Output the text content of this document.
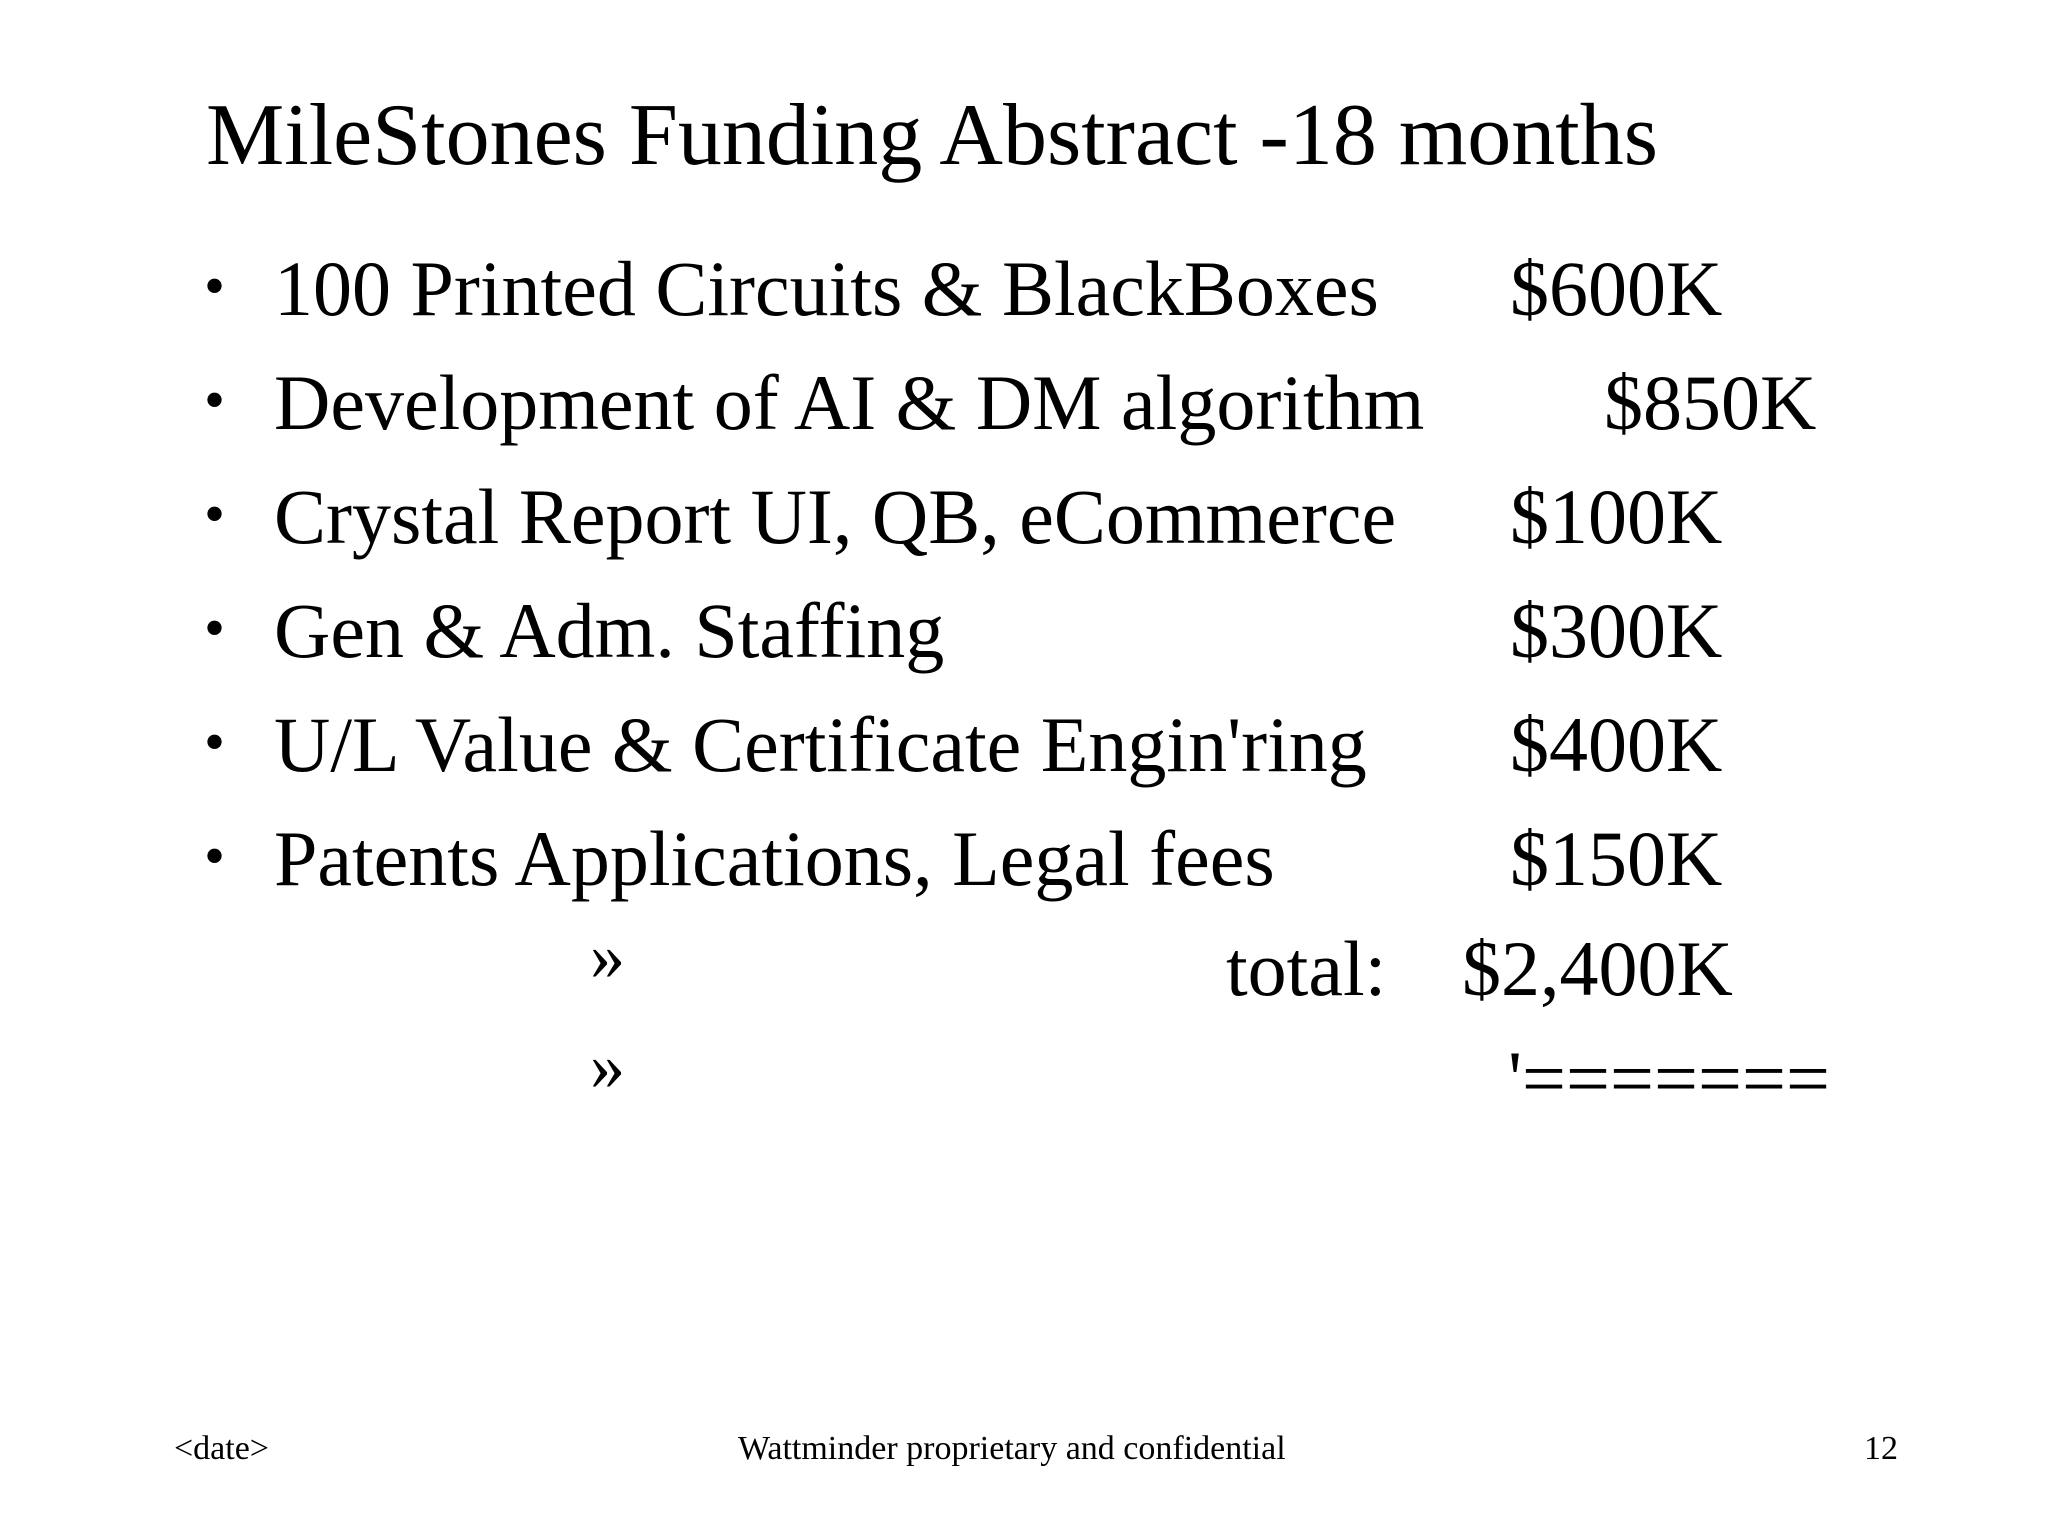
MileStones Funding Abstract -18 months
• 100 Printed Circuits & BlackBoxes $600K
• Development of AI & DM algorithm $850K
• Crystal Report UI, QB, eCommerce $100K
• Gen & Adm. Staffing	$300K
• U/L Value & Certificate Engin'ring $400K
• Patents Applications, Legal fees	$150K
»	total: $2,400K
»	'=======
<date>	Wattminder proprietary and confidential	12
